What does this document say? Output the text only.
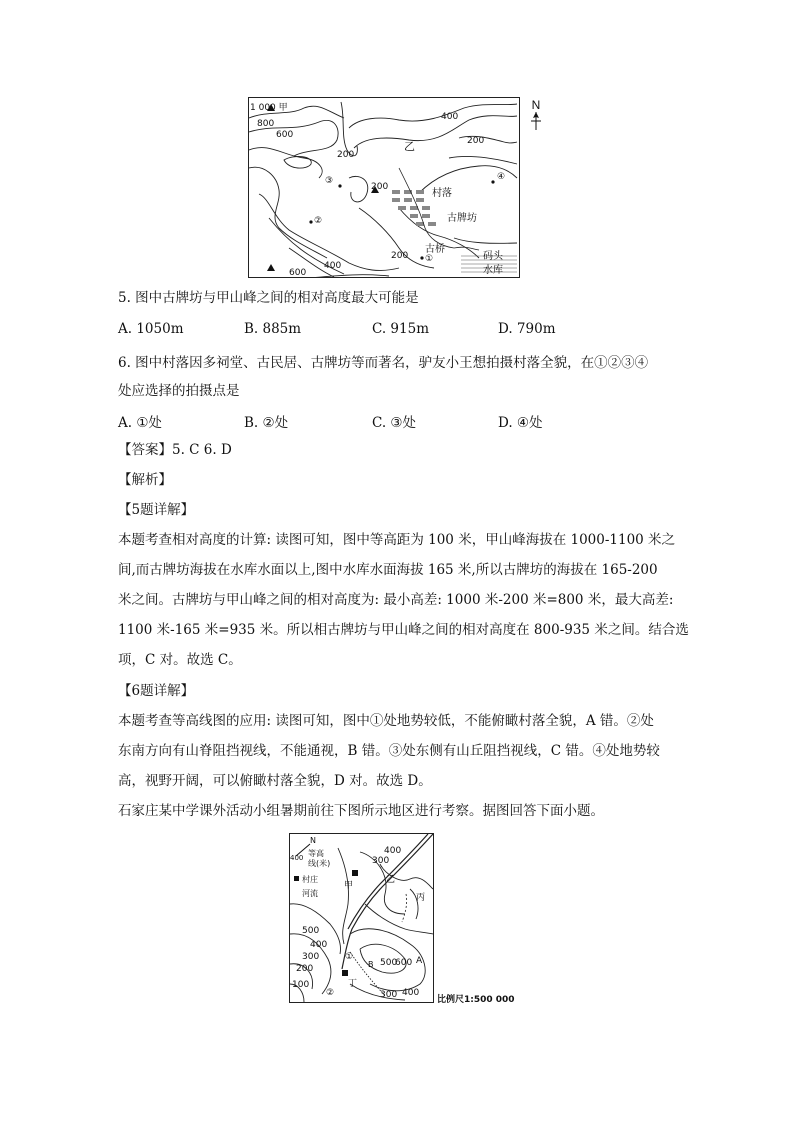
1 000 甲
800
600
400
200
200
乙
③
200
村落
④
②	古牌坊
古桥
码头
水库
200 ①
400
600
N
5. 图中古牌坊与甲山峰之间的相对高度最大可能是
A. 1050m	B. 885m	C. 915m	D. 790m
6. 图中村落因多祠堂、古民居、古牌坊等而著名，驴友小王想拍摄村落全貌，在①②③④
处应选择的拍摄点是
A. ①处	B. ②处	C. ③处	D. ④处
【答案】5. C 6. D
【解析】
【5题详解】
本题考查相对高度的计算: 读图可知，图中等高距为 100 米，甲山峰海拔在 1000-1100 米之
间,而古牌坊海拔在水库水面以上,图中水库水面海拔 165 米,所以古牌坊的海拔在 165-200
米之间。古牌坊与甲山峰之间的相对高度为: 最小高差: 1000 米-200 米=800 米，最大高差:
1100 米-165 米=935 米。所以相古牌坊与甲山峰之间的相对高度在 800-935 米之间。结合选
项，C 对。故选 C。
【6题详解】
本题考查等高线图的应用: 读图可知，图中①处地势较低，不能俯瞰村落全貌，A 错。②处
东南方向有山脊阻挡视线，不能通视，B 错。③处东侧有山丘阻挡视线，C 错。④处地势较
高，视野开阔，可以俯瞰村落全貌，D 对。故选 D。
石家庄某中学课外活动小组暑期前往下图所示地区进行考察。据图回答下面小题。
N
等高
线(米)
400
村庄
河流
400
300
甲
乙
丙
500
400
300
200
100
①
②
丁
B 500
600 A
300 400
比例尺1:500 000
